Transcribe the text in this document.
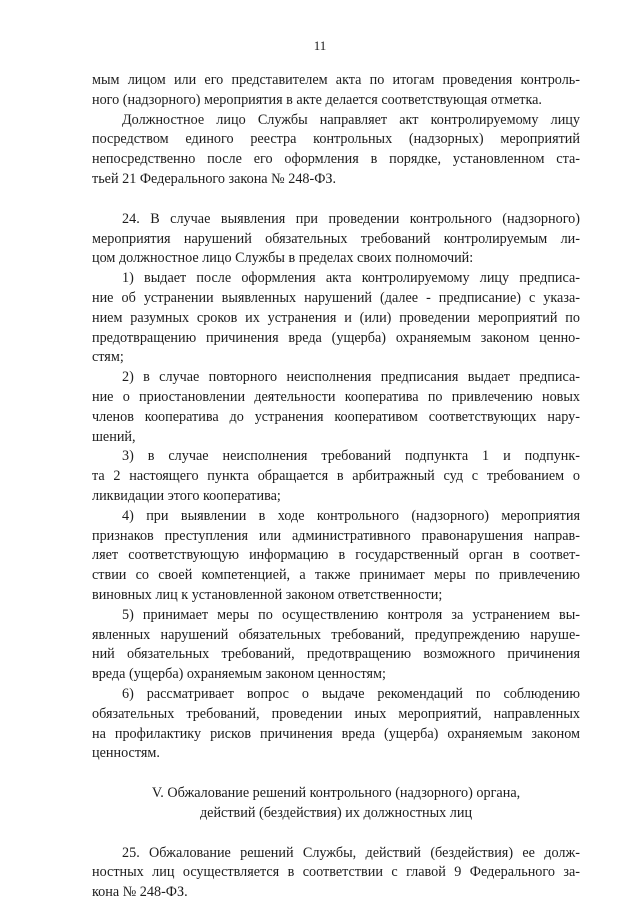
11
мым лицом или его представителем акта по итогам проведения контроль-
ного (надзорного) мероприятия в акте делается соответствующая отметка.
Должностное лицо Службы направляет акт контролируемому лицу
посредством единого реестра контрольных (надзорных) мероприятий
непосредственно после его оформления в порядке, установленном ста-
тьей 21 Федерального закона № 248-ФЗ.
24. В случае выявления при проведении контрольного (надзорного)
мероприятия нарушений обязательных требований контролируемым ли-
цом должностное лицо Службы в пределах своих полномочий:
1) выдает после оформления акта контролируемому лицу предписа-
ние об устранении выявленных нарушений (далее - предписание) с указа-
нием разумных сроков их устранения и (или) проведении мероприятий по
предотвращению причинения вреда (ущерба) охраняемым законом ценно-
стям;
2) в случае повторного неисполнения предписания выдает предписа-
ние о приостановлении деятельности кооператива по привлечению новых
членов кооператива до устранения кооперативом соответствующих нару-
шений,
3) в случае неисполнения требований подпункта 1 и подпунк-
та 2 настоящего пункта обращается в арбитражный суд с требованием о
ликвидации этого кооператива;
4) при выявлении в ходе контрольного (надзорного) мероприятия
признаков преступления или административного правонарушения направ-
ляет соответствующую информацию в государственный орган в соответ-
ствии со своей компетенцией, а также принимает меры по привлечению
виновных лиц к установленной законом ответственности;
5) принимает меры по осуществлению контроля за устранением вы-
явленных нарушений обязательных требований, предупреждению наруше-
ний обязательных требований, предотвращению возможного причинения
вреда (ущерба) охраняемым законом ценностям;
6) рассматривает вопрос о выдаче рекомендаций по соблюдению
обязательных требований, проведении иных мероприятий, направленных
на профилактику рисков причинения вреда (ущерба) охраняемым законом
ценностям.
V. Обжалование решений контрольного (надзорного) органа,
действий (бездействия) их должностных лиц
25. Обжалование решений Службы, действий (бездействия) ее долж-
ностных лиц осуществляется в соответствии с главой 9 Федерального за-
кона № 248-ФЗ.
